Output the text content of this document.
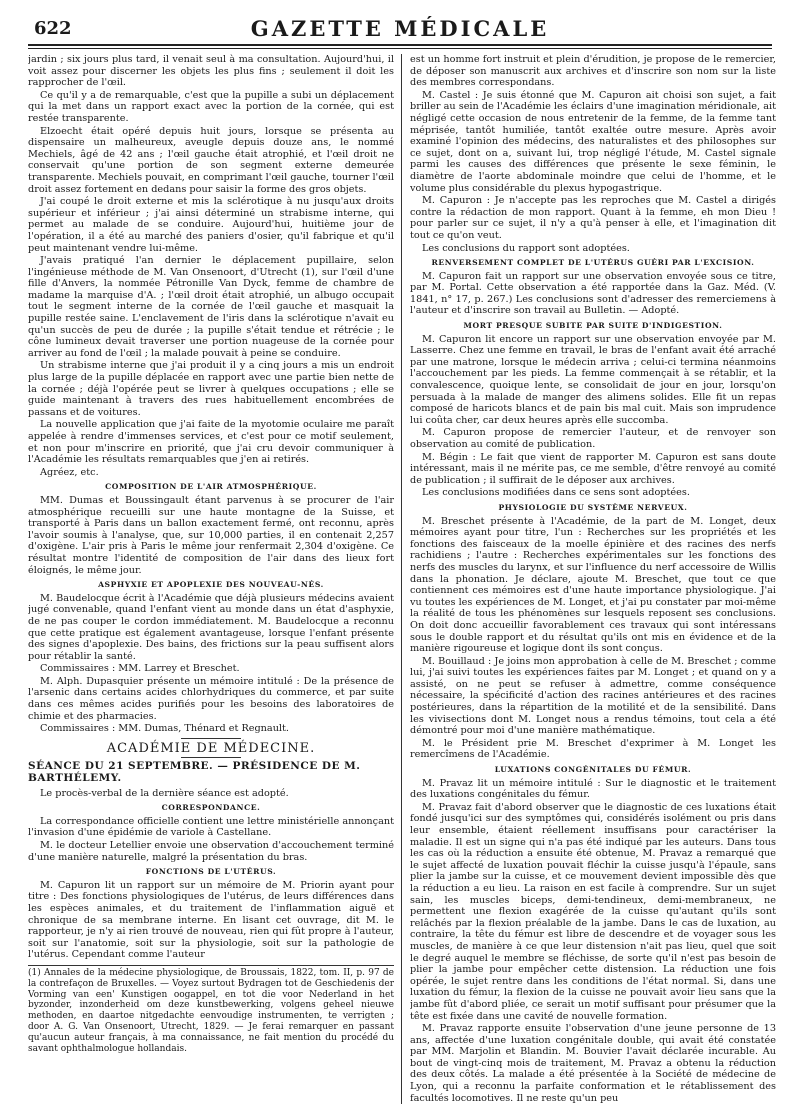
622	GAZETTE MÉDICALE

jardin ; six jours plus tard, il venait seul à ma consultation. Aujourd'hui, il voit assez pour discerner les objets les plus fins ; seulement il doit les rapprocher de l'œil.

Ce qu'il y a de remarquable, c'est que la pupille a subi un déplacement qui la met dans un rapport exact avec la portion de la cornée, qui est restée transparente.

Elzoecht était opéré depuis huit jours, lorsque se présenta au dispensaire un malheureux, aveugle depuis douze ans, le nommé Mechiels, âgé de 42 ans ; l'œil gauche était atrophié, et l'œil droit ne conservait qu'une portion de son segment externe demeurée transparente. Mechiels pouvait, en comprimant l'œil gauche, tourner l'œil droit assez fortement en dedans pour saisir la forme des gros objets.

J'ai coupé le droit externe et mis la sclérotique à nu jusqu'aux droits supérieur et inférieur ; j'ai ainsi déterminé un strabisme interne, qui permet au malade de se conduire. Aujourd'hui, huitième jour de l'opération, il a été au marché des paniers d'osier, qu'il fabrique et qu'il peut maintenant vendre lui-même.

J'avais pratiqué l'an dernier le déplacement pupillaire, selon l'ingénieuse méthode de M. Van Onsenoort, d'Utrecht (1), sur l'œil d'une fille d'Anvers, la nommée Pétronille Van Dyck, femme de chambre de madame la marquise d'A. ; l'œil droit était atrophié, un albugo occupait tout le segment interne de la cornée de l'œil gauche et masquait la pupille restée saine. L'enclavement de l'iris dans la sclérotique n'avait eu qu'un succès de peu de durée ; la pupille s'était tendue et rétrécie ; le cône lumineux devait traverser une portion nuageuse de la cornée pour arriver au fond de l'œil ; la malade pouvait à peine se conduire.

Un strabisme interne que j'ai produit il y a cinq jours a mis un endroit plus large de la pupille déplacée en rapport avec une partie bien nette de la cornée ; déjà l'opérée peut se livrer à quelques occupations ; elle se guide maintenant à travers des rues habituellement encombrées de passans et de voitures.

La nouvelle application que j'ai faite de la myotomie oculaire me paraît appelée à rendre d'immenses services, et c'est pour ce motif seulement, et non pour m'inscrire en priorité, que j'ai cru devoir communiquer à l'Académie les résultats remarquables que j'en ai retirés.

Agréez, etc.

COMPOSITION DE L'AIR ATMOSPHÉRIQUE.

MM. Dumas et Boussingault étant parvenus à se procurer de l'air atmosphérique recueilli sur une haute montagne de la Suisse, et transporté à Paris dans un ballon exactement fermé, ont reconnu, après l'avoir soumis à l'analyse, que, sur 10,000 parties, il en contenait 2,257 d'oxigène. L'air pris à Paris le même jour renfermait 2,304 d'oxigène. Ce résultat montre l'identité de composition de l'air dans des lieux fort éloignés, le même jour.

ASPHYXIE ET APOPLEXIE DES NOUVEAU-NÉS.

M. Baudelocque écrit à l'Académie que déjà plusieurs médecins avaient jugé convenable, quand l'enfant vient au monde dans un état d'asphyxie, de ne pas couper le cordon immédiatement. M. Baudelocque a reconnu que cette pratique est également avantageuse, lorsque l'enfant présente des signes d'apoplexie. Des bains, des frictions sur la peau suffisent alors pour rétablir la santé.

Commissaires : MM. Larrey et Breschet.

M. Alph. Dupasquier présente un mémoire intitulé : De la présence de l'arsenic dans certains acides chlorhydriques du commerce, et par suite dans ces mêmes acides purifiés pour les besoins des laboratoires de chimie et des pharmacies.

Commissaires : MM. Dumas, Thénard et Regnault.

ACADÉMIE DE MÉDECINE.
SÉANCE DU 21 SEPTEMBRE. — PRÉSIDENCE DE M. BARTHÉLEMY.

Le procès-verbal de la dernière séance est adopté.

CORRESPONDANCE.

La correspondance officielle contient une lettre ministérielle annonçant l'invasion d'une épidémie de variole à Castellane.

M. le docteur Letellier envoie une observation d'accouchement terminé d'une manière naturelle, malgré la présentation du bras.

FONCTIONS DE L'UTÉRUS.

M. Capuron lit un rapport sur un mémoire de M. Priorin ayant pour titre : Des fonctions physiologiques de l'utérus, de leurs différences dans les espèces animales, et du traitement de l'inflammation aiguë et chronique de sa membrane interne. En lisant cet ouvrage, dit M. le rapporteur, je n'y ai rien trouvé de nouveau, rien qui fût propre à l'auteur, soit sur l'anatomie, soit sur la physiologie, soit sur la pathologie de l'utérus. Cependant comme l'auteur

(1) Annales de la médecine physiologique, de Broussais, 1822, tom. II, p. 97 de la contrefaçon de Bruxelles. — Voyez surtout Bydragen tot de Geschiedenis der Vorming van een' Kunstigen oogappel, en tot die voor Nederland in het byzonder, inzonderheid om deze kunstbewerking, volgens geheel nieuwe methoden, en daartoe nitgedachte eenvoudige instrumenten, te verrigten ; door A. G. Van Onsenoort, Utrecht, 1829. — Je ferai remarquer en passant qu'aucun auteur français, à ma connaissance, ne fait mention du procédé du savant ophthalmologue hollandais.

est un homme fort instruit et plein d'érudition, je propose de le remercier, de déposer son manuscrit aux archives et d'inscrire son nom sur la liste des membres correspondans.

M. Castel : Je suis étonné que M. Capuron ait choisi son sujet, a fait briller au sein de l'Académie les éclairs d'une imagination méridionale, ait négligé cette occasion de nous entretenir de la femme, de la femme tant méprisée, tantôt humiliée, tantôt exaltée outre mesure. Après avoir examiné l'opinion des médecins, des naturalistes et des philosophes sur ce sujet, dont on a, suivant lui, trop négligé l'étude, M. Castel signale parmi les causes des différences que présente le sexe féminin, le diamètre de l'aorte abdominale moindre que celui de l'homme, et le volume plus considérable du plexus hypogastrique.

M. Capuron : Je n'accepte pas les reproches que M. Castel a dirigés contre la rédaction de mon rapport. Quant à la femme, eh mon Dieu ! pour parler sur ce sujet, il n'y a qu'à penser à elle, et l'imagination dit tout ce qu'on veut.

Les conclusions du rapport sont adoptées.

RENVERSEMENT COMPLET DE L'UTÉRUS GUÉRI PAR L'EXCISION.

M. Capuron fait un rapport sur une observation envoyée sous ce titre, par M. Portal. Cette observation a été rapportée dans la Gaz. Méd. (V. 1841, n° 17, p. 267.) Les conclusions sont d'adresser des remerciemens à l'auteur et d'inscrire son travail au Bulletin. — Adopté.

MORT PRESQUE SUBITE PAR SUITE D'INDIGESTION.

M. Capuron lit encore un rapport sur une observation envoyée par M. Lasserre. Chez une femme en travail, le bras de l'enfant avait été arraché par une matrone, lorsque le médecin arriva ; celui-ci termina néanmoins l'accouchement par les pieds. La femme commençait à se rétablir, et la convalescence, quoique lente, se consolidait de jour en jour, lorsqu'on persuada à la malade de manger des alimens solides. Elle fit un repas composé de haricots blancs et de pain bis mal cuit. Mais son imprudence lui coûta cher, car deux heures après elle succomba.

M. Capuron propose de remercier l'auteur, et de renvoyer son observation au comité de publication.

M. Bégin : Le fait que vient de rapporter M. Capuron est sans doute intéressant, mais il ne mérite pas, ce me semble, d'être renvoyé au comité de publication ; il suffirait de le déposer aux archives.

Les conclusions modifiées dans ce sens sont adoptées.

PHYSIOLOGIE DU SYSTÈME NERVEUX.

M. Breschet présente à l'Académie, de la part de M. Longet, deux mémoires ayant pour titre, l'un : Recherches sur les propriétés et les fonctions des faisceaux de la moelle épinière et des racines des nerfs rachidiens ; l'autre : Recherches expérimentales sur les fonctions des nerfs des muscles du larynx, et sur l'influence du nerf accessoire de Willis dans la phonation. Je déclare, ajoute M. Breschet, que tout ce que contiennent ces mémoires est d'une haute importance physiologique. J'ai vu toutes les expériences de M. Longet, et j'ai pu constater par moi-même la réalité de tous les phénomènes sur lesquels reposent ses conclusions. On doit donc accueillir favorablement ces travaux qui sont intéressans sous le double rapport et du résultat qu'ils ont mis en évidence et de la manière rigoureuse et logique dont ils sont conçus.

M. Bouillaud : Je joins mon approbation à celle de M. Breschet ; comme lui, j'ai suivi toutes les expériences faites par M. Longet ; et quand on y a assisté, on ne peut se refuser à admettre, comme conséquence nécessaire, la spécificité d'action des racines antérieures et des racines postérieures, dans la répartition de la motilité et de la sensibilité. Dans les vivisections dont M. Longet nous a rendus témoins, tout cela a été démontré pour moi d'une manière mathématique.

M. le Président prie M. Breschet d'exprimer à M. Longet les remercîmens de l'Académie.

LUXATIONS CONGÉNITALES DU FÉMUR.

M. Pravaz lit un mémoire intitulé : Sur le diagnostic et le traitement des luxations congénitales du fémur.

M. Pravaz fait d'abord observer que le diagnostic de ces luxations était fondé jusqu'ici sur des symptômes qui, considérés isolément ou pris dans leur ensemble, étaient réellement insuffisans pour caractériser la maladie. Il est un signe qui n'a pas été indiqué par les auteurs. Dans tous les cas où la réduction a ensuite été obtenue, M. Pravaz a remarqué que le sujet affecté de luxation pouvait fléchir la cuisse jusqu'à l'épaule, sans plier la jambe sur la cuisse, et ce mouvement devient impossible dès que la réduction a eu lieu. La raison en est facile à comprendre. Sur un sujet sain, les muscles biceps, demi-tendineux, demi-membraneux, ne permettent une flexion exagérée de la cuisse qu'autant qu'ils sont relâchés par la flexion préalable de la jambe. Dans le cas de luxation, au contraire, la tête du fémur est libre de descendre et de voyager sous les muscles, de manière à ce que leur distension n'ait pas lieu, quel que soit le degré auquel le membre se fléchisse, de sorte qu'il n'est pas besoin de plier la jambe pour empêcher cette distension. La réduction une fois opérée, le sujet rentre dans les conditions de l'état normal. Si, dans une luxation du fémur, la flexion de la cuisse ne pouvait avoir lieu sans que la jambe fût d'abord pliée, ce serait un motif suffisant pour présumer que la tête est fixée dans une cavité de nouvelle formation.

M. Pravaz rapporte ensuite l'observation d'une jeune personne de 13 ans, affectée d'une luxation congénitale double, qui avait été constatée par MM. Marjolin et Blandin. M. Bouvier l'avait déclarée incurable. Au bout de vingt-cinq mois de traitement, M. Pravaz a obtenu la réduction des deux côtés. La malade a été présentée à la Société de médecine de Lyon, qui a reconnu la parfaite conformation et le rétablissement des facultés locomotives. Il ne reste qu'un peu
